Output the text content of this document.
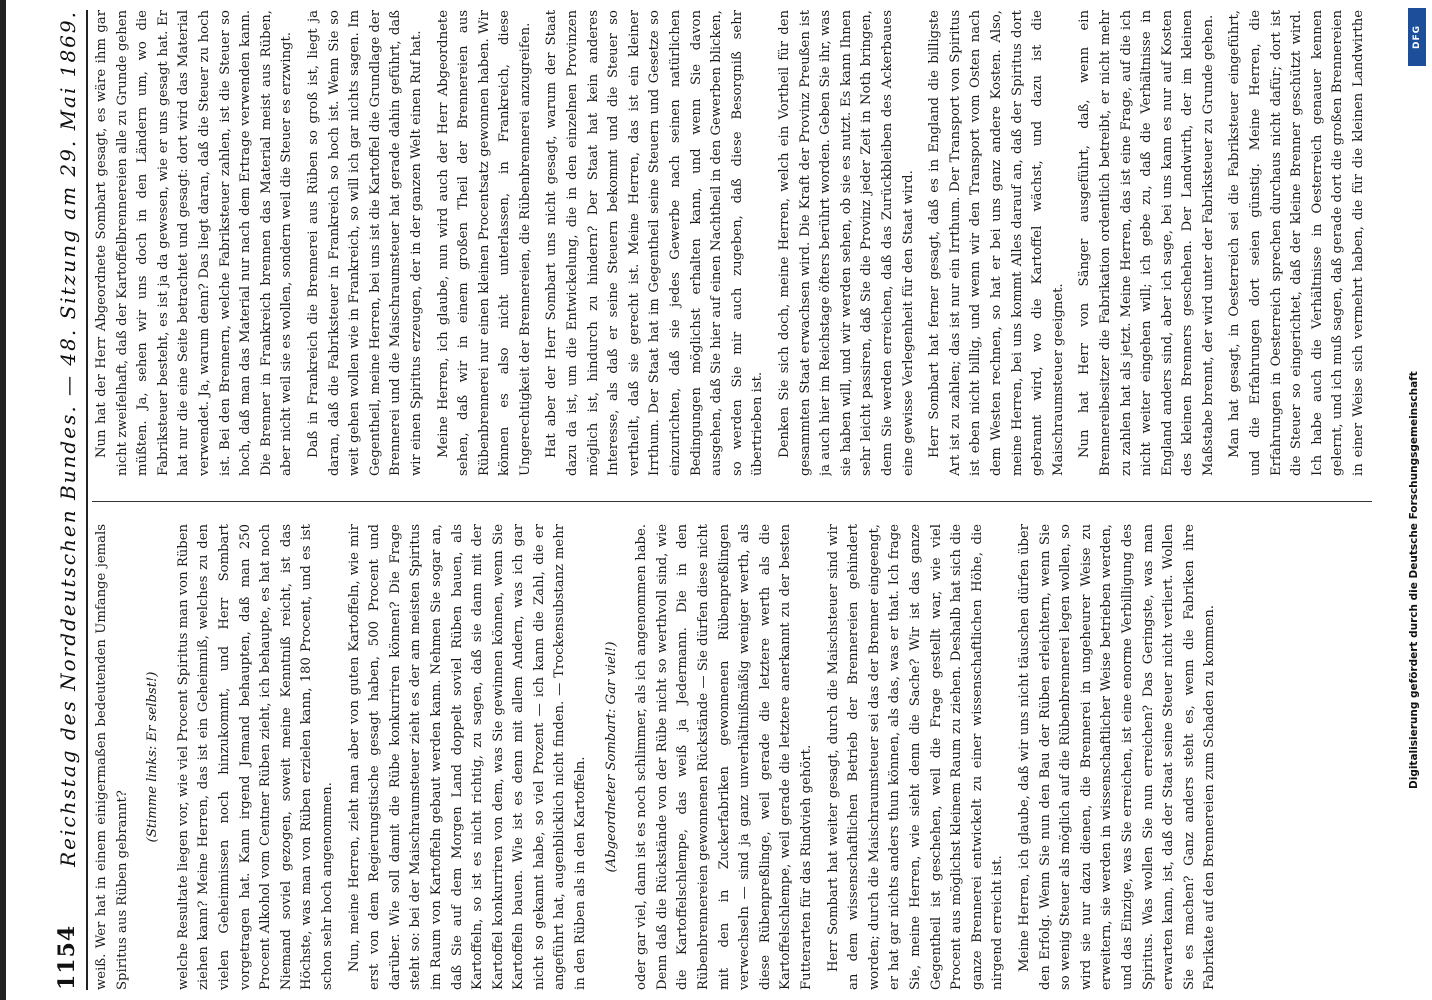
1154
Reichstag des Norddeutschen Bundes. — 48. Sitzung am 29. Mai 1869. weiß. Wer hat in einem einigermaßen bedeutenden Umfange jemals Spiritus aus Rüben gebrannt?

(Stimme links: Er selbst!) welche Resultate liegen vor, wie viel Procent Spiritus man von Rüben ziehen kann? Meine Herren, das ist ein Geheimniß, welches zu den vielen Geheimnissen noch hinzukommt, und Herr Sombart vorgetragen hat. Kann irgend Jemand behaupten, daß man 250 Procent Alkohol vom Centner Rüben zieht, ich behaupte, es hat noch Niemand soviel gezogen, soweit meine Kenntniß reicht, ist das Höchste, was man von Rüben erzielen kann, 180 Procent, und es ist schon sehr hoch angenommen. Nun, meine Herren, zieht man aber von guten Kartoffeln, wie mir erst von dem Regierungstische gesagt haben, 500 Procent und darüber. Wie soll damit die Rübe konkurriren können? Die Frage steht so: bei der Maischraumsteuer zieht es der am meisten Spiritus im Raum von Kartoffeln gebaut werden kann. Nehmen Sie sogar an, daß Sie auf dem Morgen Land doppelt soviel Rüben bauen, als Kartoffeln, so ist es nicht richtig, zu sagen, daß sie dann mit der Kartoffel konkurriren von dem, was Sie gewinnen können, wenn Sie Kartoffeln bauen. Wie ist es denn mit allem Andern, was ich gar nicht so gekannt habe, so viel Prozent — ich kann die Zahl, die er angeführt hat, augenblicklich nicht finden. — Trockensubstanz mehr in den Rüben als in den Kartoffeln. (Abgeordneter Sombart: Gar viel!) oder gar viel, dann ist es noch schlimmer, als ich angenommen habe. Denn daß die Rückstände von der Rübe nicht so werthvoll sind, wie die Kartoffelschlempe, das weiß ja Jedermann. Die in den Rübenbrennereien gewonnenen Rückstände — Sie dürfen diese nicht mit den in Zuckerfabriken gewonnenen Rübenpreßlingen verwechseln — sind ja ganz unverhältnißmäßig weniger werth, als diese Rübenpreßlinge, weil gerade die letztere werth als die Kartoffelschlempe, weil gerade die letztere anerkannt zu der besten Futterarten für das Rindvieh gehört. Herr Sombart hat weiter gesagt, durch die Maischsteuer sind wir an dem wissenschaftlichen Betrieb der Brennereien gehindert worden; durch die Maischraumsteuer sei das der Brenner eingeengt, er hat gar nichts anders thun können, als das, was er that. Ich frage Sie, meine Herren, wie sieht denn die Sache? Wir ist das ganze Gegentheil ist geschehen, weil die Frage gestellt war, wie viel Procent aus möglichst kleinem Raum zu ziehen. Deshalb hat sich die ganze Brennerei entwickelt zu einer wissenschaftlichen Höhe, die nirgend erreicht ist. Meine Herren, ich glaube, daß wir uns nicht täuschen dürfen über den Erfolg. Wenn Sie nun den Bau der Rüben erleichtern, wenn Sie so wenig Steuer als möglich auf die Rübenbrennerei legen wollen, so wird sie nur dazu dienen, die Brennerei in ungeheurer Weise zu erweitern, sie werden in wissenschaftlicher Weise betrieben werden, und das Einzige, was Sie erreichen, ist eine enorme Verbilligung des Spiritus. Was wollen Sie nun erreichen? Das Geringste, was man erwarten kann, ist, daß der Staat seine Steuer nicht verliert. Wollen Sie es machen? Ganz anders steht es, wenn die Fabriken ihre Fabrikate auf den Brennereien zum Schaden zu kommen.

Nun hat der Herr Abgeordnete Sombart gesagt, es wäre ihm gar nicht zweifelhaft, daß der Kartoffelbrennereien alle zu Grunde gehen müßten. Ja, sehen wir uns doch in den Ländern um, wo die Fabriksteuer besteht, es ist ja da gewesen, wie er uns gesagt hat. Er hat nur die eine Seite betrachtet und gesagt: dort wird das Material verwendet. Ja, warum denn? Das liegt daran, daß die Steuer zu hoch ist. Bei den Brennern, welche Fabriksteuer zahlen, ist die Steuer so hoch, daß man das Material nur nach dem Ertrage verwenden kann. Die Brenner in Frankreich brennen das Material meist aus Rüben, aber nicht weil sie es wollen, sondern weil die Steuer es erzwingt. Daß in Frankreich die Brennerei aus Rüben so groß ist, liegt ja daran, daß die Fabriksteuer in Frankreich so hoch ist. Wenn Sie so weit gehen wollen wie in Frankreich, so will ich gar nichts sagen. Im Gegentheil, meine Herren, bei uns ist die Kartoffel die Grundlage der Brennerei und die Maischraumsteuer hat gerade dahin geführt, daß wir einen Spiritus erzeugen, der in der ganzen Welt einen Ruf hat. Meine Herren, ich glaube, nun wird auch der Herr Abgeordnete sehen, daß wir in einem großen Theil der Brennereien aus Rübenbrennerei nur einen kleinen Procentsatz gewonnen haben. Wir können es also nicht unterlassen, in Frankreich, diese Ungerechtigkeit der Brennereien, die Rübenbrennerei anzugreifen. Hat aber der Herr Sombart uns nicht gesagt, warum der Staat dazu da ist, um die Entwickelung, die in den einzelnen Provinzen möglich ist, hindurch zu hindern? Der Staat hat kein anderes Interesse, als daß er seine Steuern bekommt und die Steuer so vertheilt, daß sie gerecht ist. Meine Herren, das ist ein kleiner Irrthum. Der Staat hat im Gegentheil seine Steuern und Gesetze so einzurichten, daß sie jedes Gewerbe nach seinen natürlichen Bedingungen möglichst erhalten kann, und wenn Sie davon ausgehen, daß Sie hier auf einen Nachtheil in den Gewerben blicken, so werden Sie mir auch zugeben, daß diese Besorgniß sehr übertrieben ist. Denken Sie sich doch, meine Herren, welch ein Vortheil für den gesammten Staat erwachsen wird. Die Kraft der Provinz Preußen ist ja auch hier im Reichstage öfters berührt worden. Geben Sie ihr, was sie haben will, und wir werden sehen, ob sie es nutzt. Es kann Ihnen sehr leicht passiren, daß Sie die Provinz jeder Zeit in Noth bringen, denn Sie werden erreichen, daß das Zurückbleiben des Ackerbaues eine gewisse Verlegenheit für den Staat wird. Herr Sombart hat ferner gesagt, daß es in England die billigste Art ist zu zahlen; das ist nur ein Irrthum. Der Transport von Spiritus ist eben nicht billig, und wenn wir den Transport vom Osten nach dem Westen rechnen, so hat er bei uns ganz andere Kosten. Also, meine Herren, bei uns kommt Alles darauf an, daß der Spiritus dort gebrannt wird, wo die Kartoffel wächst, und dazu ist die Maischraumsteuer geeignet. Nun hat Herr von Sänger ausgeführt, daß, wenn ein Brennereibesitzer die Fabrikation ordentlich betreibt, er nicht mehr zu zahlen hat als jetzt. Meine Herren, das ist eine Frage, auf die ich nicht weiter eingehen will; ich gebe zu, daß die Verhältnisse in England anders sind, aber ich sage, bei uns kann es nur auf Kosten des kleinen Brenners geschehen. Der Landwirth, der im kleinen Maßstabe brennt, der wird unter der Fabriksteuer zu Grunde gehen. Man hat gesagt, in Oesterreich sei die Fabriksteuer eingeführt, und die Erfahrungen dort seien günstig. Meine Herren, die Erfahrungen in Oesterreich sprechen durchaus nicht dafür; dort ist die Steuer so eingerichtet, daß der kleine Brenner geschützt wird. Ich habe auch die Verhältnisse in Oesterreich genauer kennen gelernt, und ich muß sagen, daß gerade dort die großen Brennereien in einer Weise sich vermehrt haben, die für die kleinen Landwirthe	DFG
Digitalisierung gefördert durch die Deutsche Forschungsgemeinschaft
